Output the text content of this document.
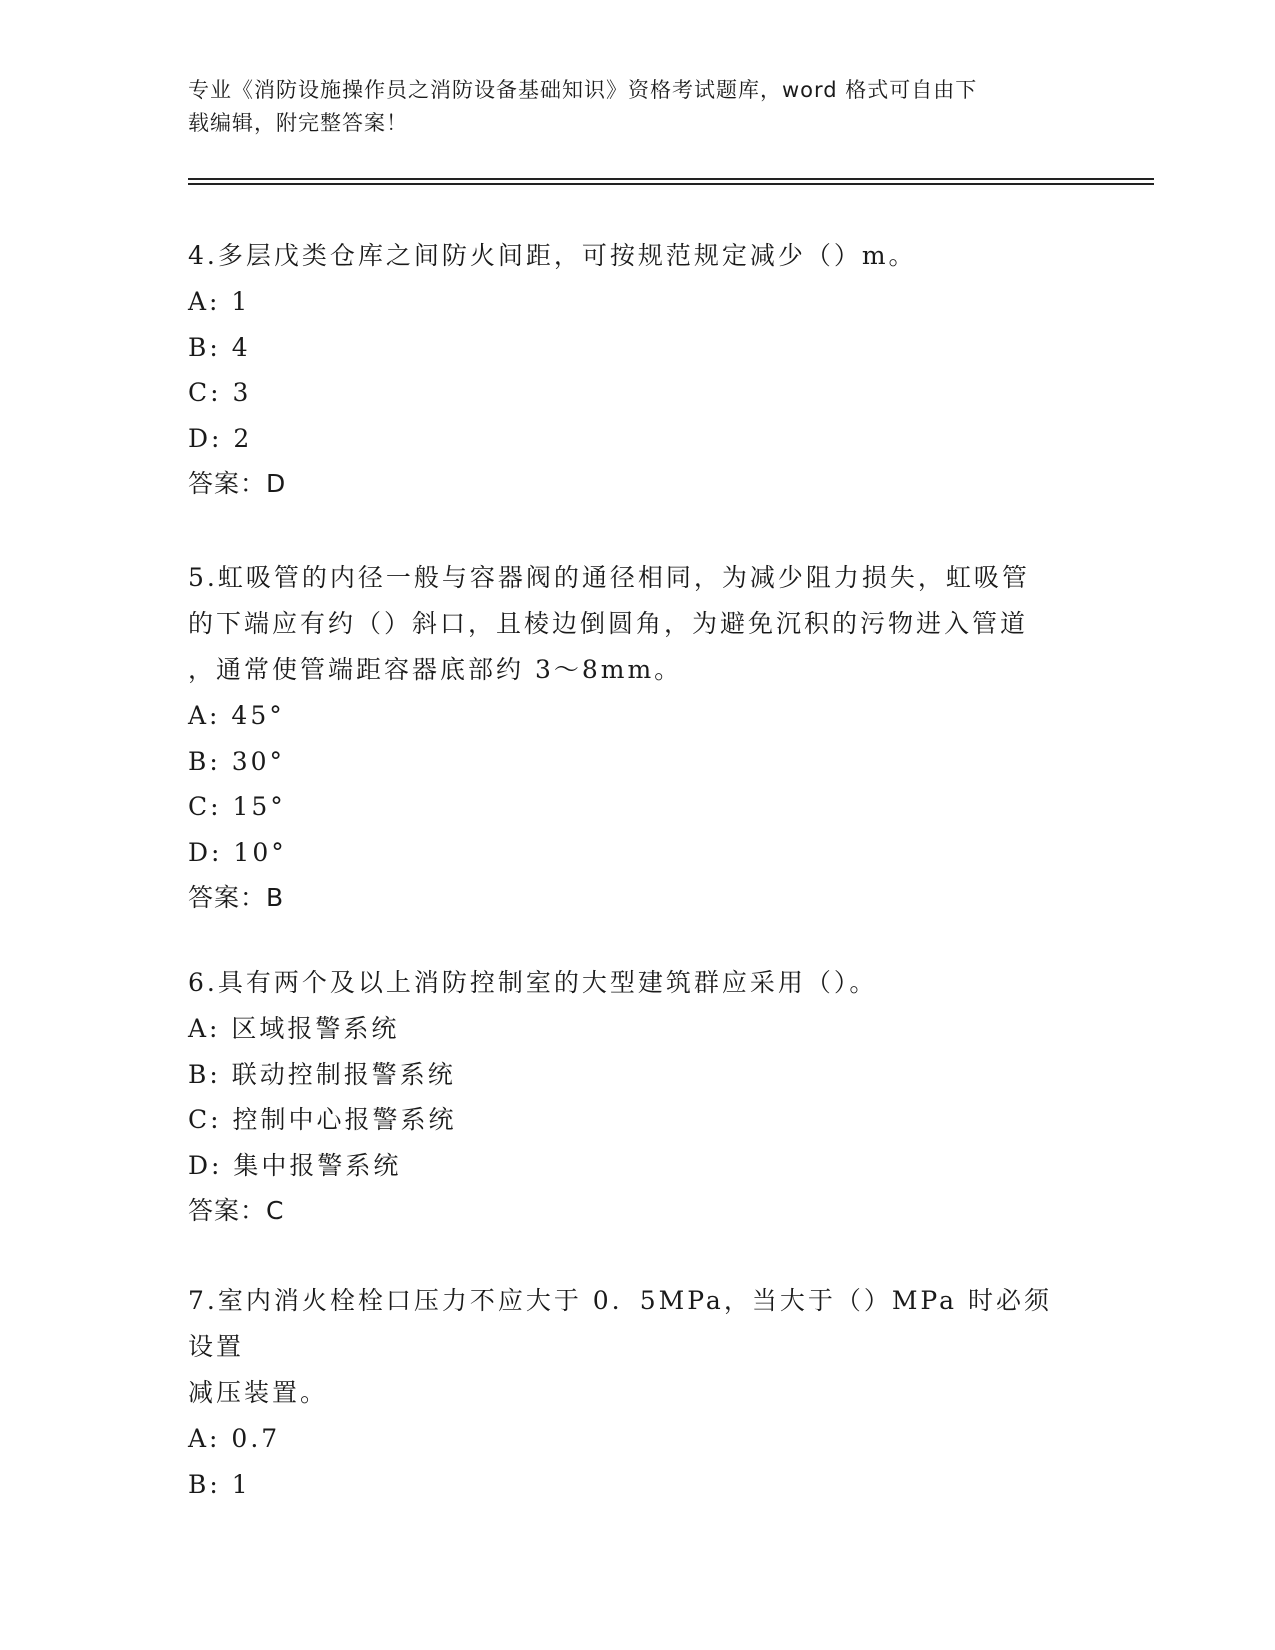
专业《消防设施操作员之消防设备基础知识》资格考试题库，word 格式可自由下
载编辑，附完整答案！

4.多层戊类仓库之间防火间距，可按规范规定减少（）m。

A: 1

B: 4

C: 3

D: 2

答案：D

5.虹吸管的内径一般与容器阀的通径相同，为减少阻力损失，虹吸管

的下端应有约（）斜口，且棱边倒圆角，为避免沉积的污物进入管道

，通常使管端距容器底部约 3～8mm。

A: 45°

B: 30°

C: 15°

D: 10°

答案：B

6.具有两个及以上消防控制室的大型建筑群应采用（）。

A: 区域报警系统

B: 联动控制报警系统

C: 控制中心报警系统

D: 集中报警系统

答案：C

7.室内消火栓栓口压力不应大于 0．5MPa，当大于（）MPa 时必须设置

减压装置。

A: 0.7

B: 1
